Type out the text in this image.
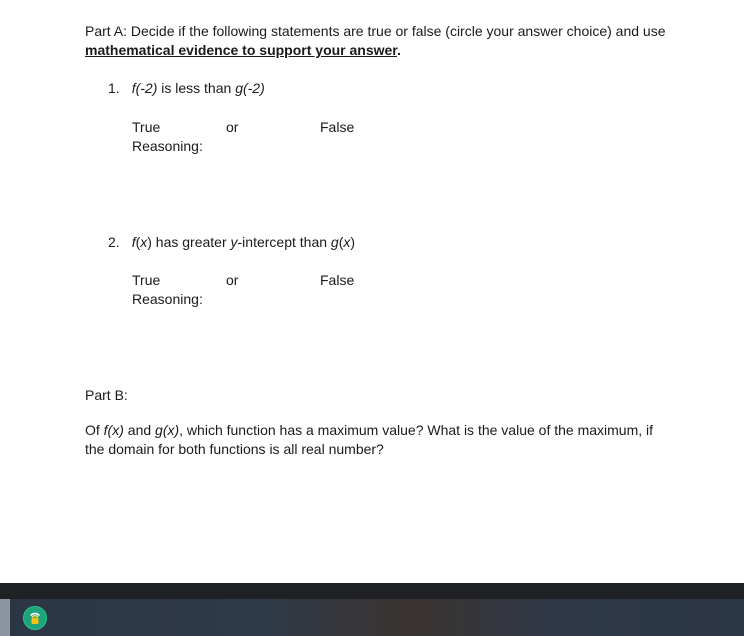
Part A: Decide if the following statements are true or false (circle your answer choice) and use
mathematical evidence to support your answer.
1. f(-2) is less than g(-2)
True	or	False
Reasoning:
2. f(x) has greater y-intercept than g(x)
True	or	False
Reasoning:
Part B:
Of f(x) and g(x), which function has a maximum value? What is the value of the maximum, if
the domain for both functions is all real number?
